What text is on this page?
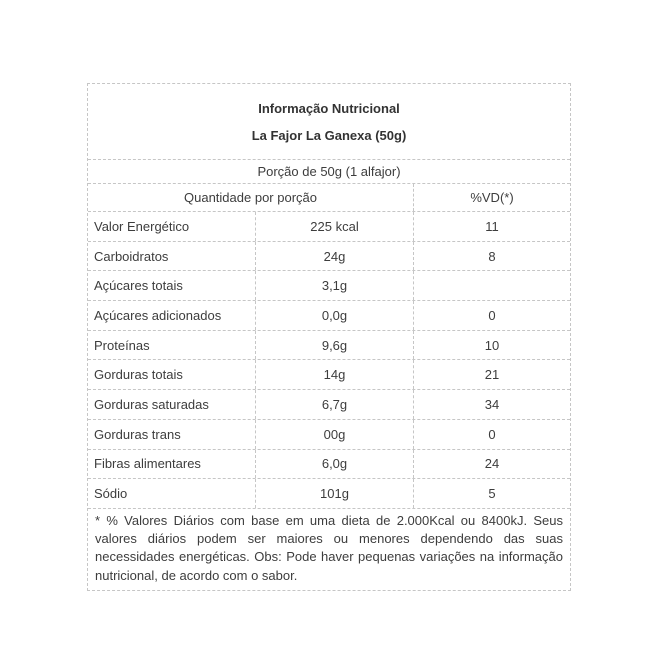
Informação Nutricional
La Fajor La Ganexa (50g)
Porção de 50g (1 alfajor)
Quantidade por porção	%VD(*)
Valor Energético	225 kcal	11
Carboidratos	24g	8
Açúcares totais	3,1g
Açúcares adicionados	0,0g	0
Proteínas	9,6g	10
Gorduras totais	14g	21
Gorduras saturadas	6,7g	34
Gorduras trans	00g	0
Fibras alimentares	6,0g	24
Sódio	101g	5
* % Valores Diários com base em uma dieta de 2.000Kcal ou 8400kJ. Seus valores diários podem ser maiores ou menores dependendo das suas necessidades energéticas. Obs: Pode haver pequenas variações na informação nutricional, de acordo com o sabor.
